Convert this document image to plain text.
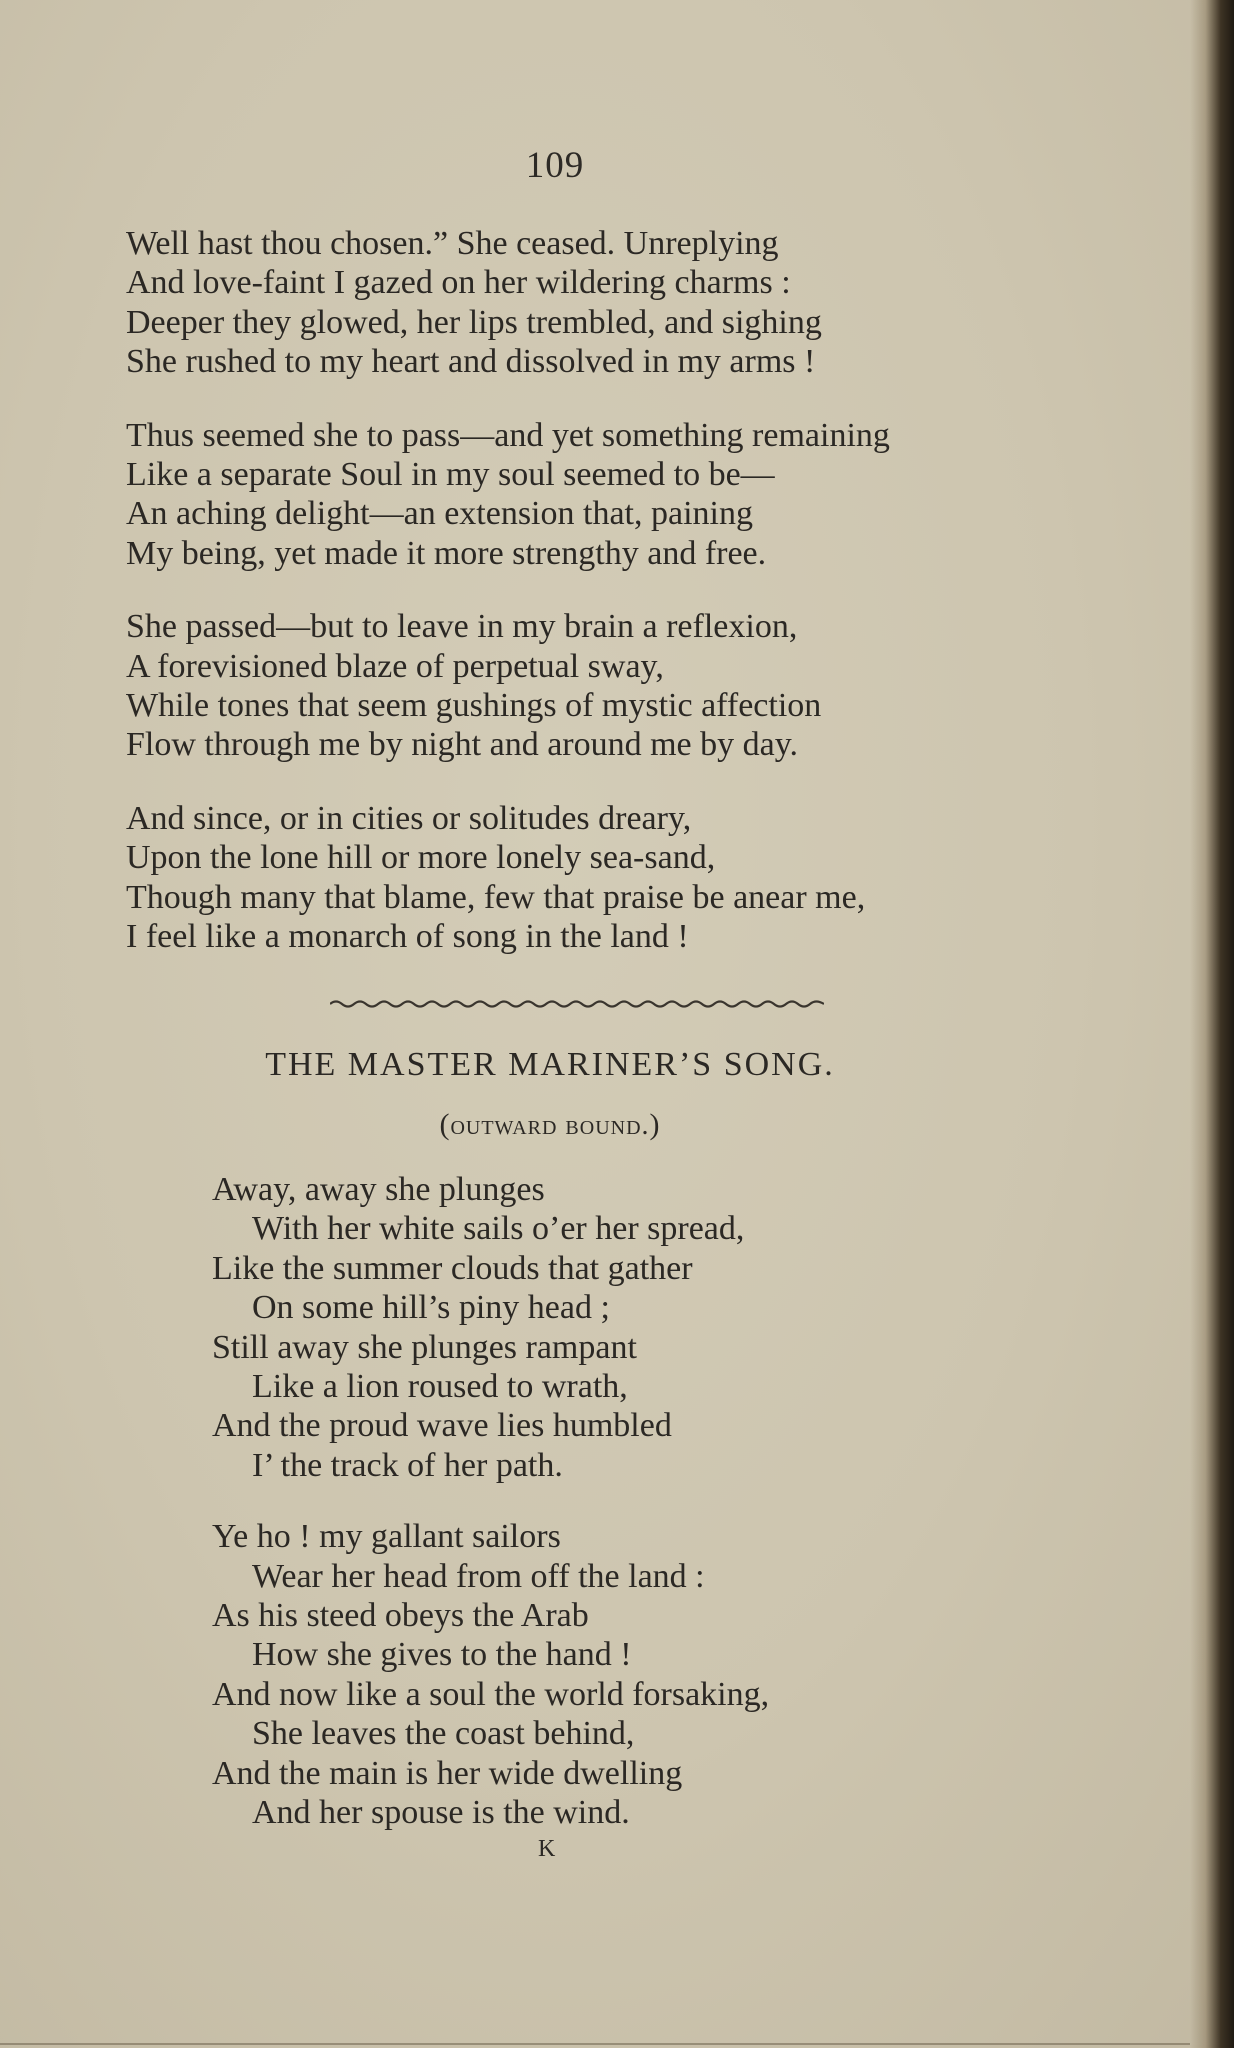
109
Well hast thou chosen.” She ceased. Unreplying
And love-faint I gazed on her wildering charms :
Deeper they glowed, her lips trembled, and sighing
She rushed to my heart and dissolved in my arms !
Thus seemed she to pass—and yet something remaining
Like a separate Soul in my soul seemed to be—
An aching delight—an extension that, paining
My being, yet made it more strengthy and free.
She passed—but to leave in my brain a reflexion,
A forevisioned blaze of perpetual sway,
While tones that seem gushings of mystic affection
Flow through me by night and around me by day.
And since, or in cities or solitudes dreary,
Upon the lone hill or more lonely sea-sand,
Though many that blame, few that praise be anear me,
I feel like a monarch of song in the land !
THE MASTER MARINER’S SONG.
(outward bound.)
Away, away she plunges
With her white sails o’er her spread,
Like the summer clouds that gather
On some hill’s piny head ;
Still away she plunges rampant
Like a lion roused to wrath,
And the proud wave lies humbled
I’ the track of her path.
Ye ho ! my gallant sailors
Wear her head from off the land :
As his steed obeys the Arab
How she gives to the hand !
And now like a soul the world forsaking,
She leaves the coast behind,
And the main is her wide dwelling
And her spouse is the wind.
K
